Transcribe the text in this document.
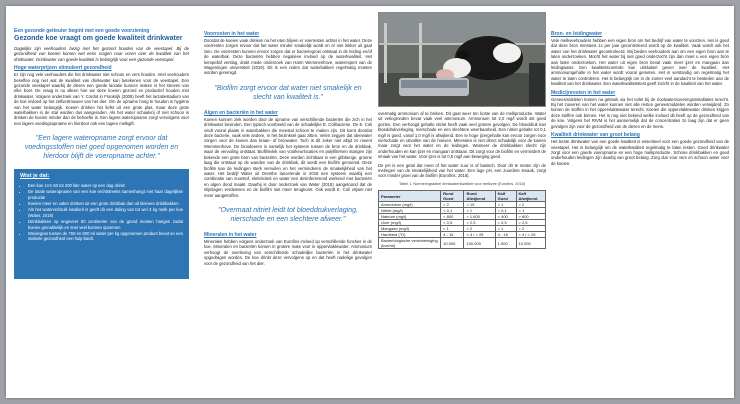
Een gezonde geiteuier begint met een goede voorziening
Gezonde koe vraagt om goede kwaliteit drinkwater
Dagelijks zijn veehouders bezig met het gezond houden van de veestapel. Bij de gezondheid van koeien komen wel eens vragen naar voren over de kwaliteit van het drinkwater. Drinkwater van goede kwaliteit is belangrijk voor een gezonde veestapel.
Hoge waterprijzen stimuleert gezondheid

Er zijn nog vele veehouders die het drinkwater niet schoon en vers houden. Veel veehouders beseffen nog niet wat de kwaliteit van drinkwater kan betekenen voor de veestapel. Een gezonde veestapel waarbij de dieren een goede lactatie kunnen maken is het streven van elke boer. De vraag is nu alleen hoe we deze koeien gezond en productief houden met drinkwater. Volgens onderzoek van Y. Cordot in Frankrijk (2008) heeft het lactatiestadium van de koe invloed op het zelfvertrouwen van het dier. Om de opname hoog te houden is hygiëne van het water belangrijk. Koeien drinken het liefst uit een grote plas, maar deze grote waterbakken in de stal worden dus aangeraden. Als het water schaalvrij of niet schoon is drinken de koeien minder dan de behoefte is. Een lagere wateropname zorgt vervolgens voor een lagere voedingsopname en hierdoor ook een lagere melkgift.

"Een lagere wateropname zorgt ervoor dat voedingsstoffen niet goed opgenomen worden en hierdoor blijft de voeropname achter."
Wist je dat:
• Een koe zo'n 60 tot 200 liter water op een dag drinkt
• De totale wateropname van een koe rechtstreeks samenhangt met haar dagelijkse productie
• Koeien meer en vaker drinken uit een grote drinkbak dan uit kleinere drinkbakken
• Als het waterverbruik kwaliteit is geeft dit een daling van tot wel 3 kg melk per koe (Water, 2018)
• Drinkbakken op ongeveer 60 centimeter van de grond moeten hangen zodat koeien gemakkelijk en snel veel kunnen opnemen
• Weidegras tussen de 750 en 800 ml water per kg opgenomen product bevat en een stabiele gezondheid een hulp biedt.
Voorresten in het water

Doordat de koeien vaak drinken na het eten blijven er voerresten achter in het water. Deze voerresten zorgen ervoor dat het water minder smakelijk wordt en er niet lekker uit gaat zien. De voerresten kunnen ervoor zorgen dat er bacteriegroei ontstaat in de leiding en/of de waterbak. Deze bacteriën hebben negatieve invloed op de waterkwaliteit. Het kempellaf verslag, drukt mede onderzoek van Harm Wemmenhove, waterexpert van de Wageningen universiteit (2019). Dit is een reden dat waterbakken regelmatig moeten worden gereinigd.

"Biofilm zorgt ervoor dat water niet smakelijk en slecht van kwaliteit is."
Algen en bacteriën in het water

Koeien kunnen ziek worden door de opname van verschillende bacteriën die zich in het drinkwater bevinden. Een typisch voorbeeld van de schadelijke E. Colibacterie. De E. Coli vindt vooral plaats in waterbakken die meestal schoon te maken zijn. Dit komt doordat deze bacterie, vaak vele andere, in het bezinksel gaat zitten. Velen zeggen dat ideewater zorgen voor de koeien dan kraan- of bronwater. Toch is dit zeker niet altijd zo meent Wemmenhove. De bioodeeren is namelijk het systeem tussen de bron en de drinkbak, waar de vervuiling ontstaat. Biofilmvlek van voorkeurlocaties en polyfiltersen stangen zijn bekende een grote bron van bacteriën. Deze worden zichtbaar in een glibberige, groene laag die ontstaat op de wanden van de drinkbak, dit wordt een biofilm genoemd. Deze biofilm kan de leidingen sterk vervuilen en het verminderen de smakelijkheid van het water. Het bedrijf Water uit Drenthe lancerende in 2018 een systeem waarbij een combinatie van zuurstof, elektriciteit en water een desinfecterend werkend met bacteriën en algen dood maakt. Daarbij is door onderzoek van Water (2018) aangetoond dat de slijmlagen verdwenen en de biofilm niet meer terugkomt. Ook wordt E. Coli vrijwel niet meer aangetroffen.

"Overmaat nitriet leidt tot bloeddrukverlaging, nierschade en een slechtere afweer."
Mineralen in het water

Mineralen hebben volgens onderzoek van Eurofins invloed op verschillende functies in de koe. Mineralen en bacteriën komen in grotere mate voor in oppervlaktewater. Ammonium verhoogt de overleving van verschillende schadelijke bacteriën in het drinkwater opgedragen worden. De koe drinkt deze vervolgens op en dat heeft nadelige gevolgen voor de gezondheid van het dier.

overmatig ammonium af te breken. Dit gaat weer ten koste van de melkproductie. Water uit vetingronden bevat vaak veel ammonium. Ammonium tot 2,0 mg/l wordt als goed gezien. Een verhoogd gehalte nitriet heeft vaak veel grotere gevolgen. De bloeddruk kan bloeddrukverlaging, nierschade en een slechtere weerbaarheid. Een nitriet gehalte tot 0,1 mg/l is goed, vanaf 1,0 mg/l is afwijkend. Een te hoge ijzergehalte kan ervoor zorgen voor nierschade en uitvallen van de hoeven. Mineralen is niet direct schadelijk voor de koeien maar zorgt voor het water en de leidingen. Wanneer de drinkbakken slecht zijn onderhouden en kan ijzer en mangaan ontstaan. Dit zorgt voor de biofilm en vermindert de smaak van het water. Voor ijzer is tot 0,5 mg/l aan beweging goed.

De pH is een getal dat meet of het water zuur is of basisch. Door dit te meten zijn de metingen van de smakelijkheid van het water. Een lage pH, een zuurdere smaak, zorgt voor minder groei van de biofilm (Eurofins, 2018).

Tabel 1. Normeringstabel drinkwaterkwaliteit voor melkvee (Eurofins, 2018)
Parameter	Rund Goed	Rund Afwijkend	Kalf Goed	Kalf Afwijkend
Ammonium (mg/l)	< 2	> 10	< 1	> 2
Nitriet (mg/l)	< 0,1	> 1	< 0,1	> 1
Natrium (mg/l)	< 800	> 1.600	< 400	> 800
IJzer (mg/l)	< 0,5	> 2,5	< 0,5	> 2,5
Mangaan (mg/l)	< 1	> 2	< 1	> 2
Hardheid (°D)	4 - 15	< 4 / > 25	4 - 15	< 4 / > 25
Bacteriologische verontreiniging (kve/ml)	10.000	100.000	1.000	10.000
Bron- en leidingwater

Vele melkveehouders hebben een eigen bron om het bedrijf van water te voorzien. Het is goed dat deze bron minstens 1x per jaar gecontroleerd wordt op de kwaliteit. Vaak wordt ook het water van het drinkwater gecontroleerd. Wij bieden veehouders aan om een eigen bron aan te laten onderzoeken. Mocht het water bij niet goed onderzocht zijn dan moet u een eigen bron aan laten onderzoeken. Het water uit eigen bron bevat vaak meer ijzer en mangaan dan leidingwater. Een kwaliteitscontrole kan uitsluitsel geven over de kwaliteit. Het ammoniumgehalte in het water wordt vooral gemeten. Het is verstandig om regelmatig het water te laten controleren. Het is belangrijk om in de zomer veel aandacht te besteden aan de kwaliteit van het drinkwater. Een waterkwaliteitstest geeft inzicht in de kwaliteit van het water.

Medicijnresten in het water

Geneesmiddelen komen na gebruik via het toilet bij de rioolwaterzuiveringsinstallaties terecht. Bij het zuiveren van het water kunnen niet alle resten geneesmiddelen worden verwijderd. Zo komen de stoffen in het oppervlaktewater terecht. Koeien die oppervlaktewater drinken krijgen deze stoffen ook binnen. Het is nog niet bekend welke invloed dit heeft op de gezondheid van de koe. Volgens het RIVM is het aannemelijk dat de concentraties zo laag zijn dat er geen gevolgen zijn voor de gezondheid van de dieren en de mens.

Kwaliteit drinkwater van groot belang

Het beste drinkwater van een goede kwaliteit is essentieel voor een goede gezondheid van de veestapel. Het is belangrijk om de waterkwaliteit regelmatig te laten testen. Goed drinkwater zorgt voor een goede voeropname en een hoge melkproductie. Schone drinkbakken en goed onderhouden leidingen zijn daarbij van groot belang. Zorg dus voor vers en schoon water voor de koeien.
